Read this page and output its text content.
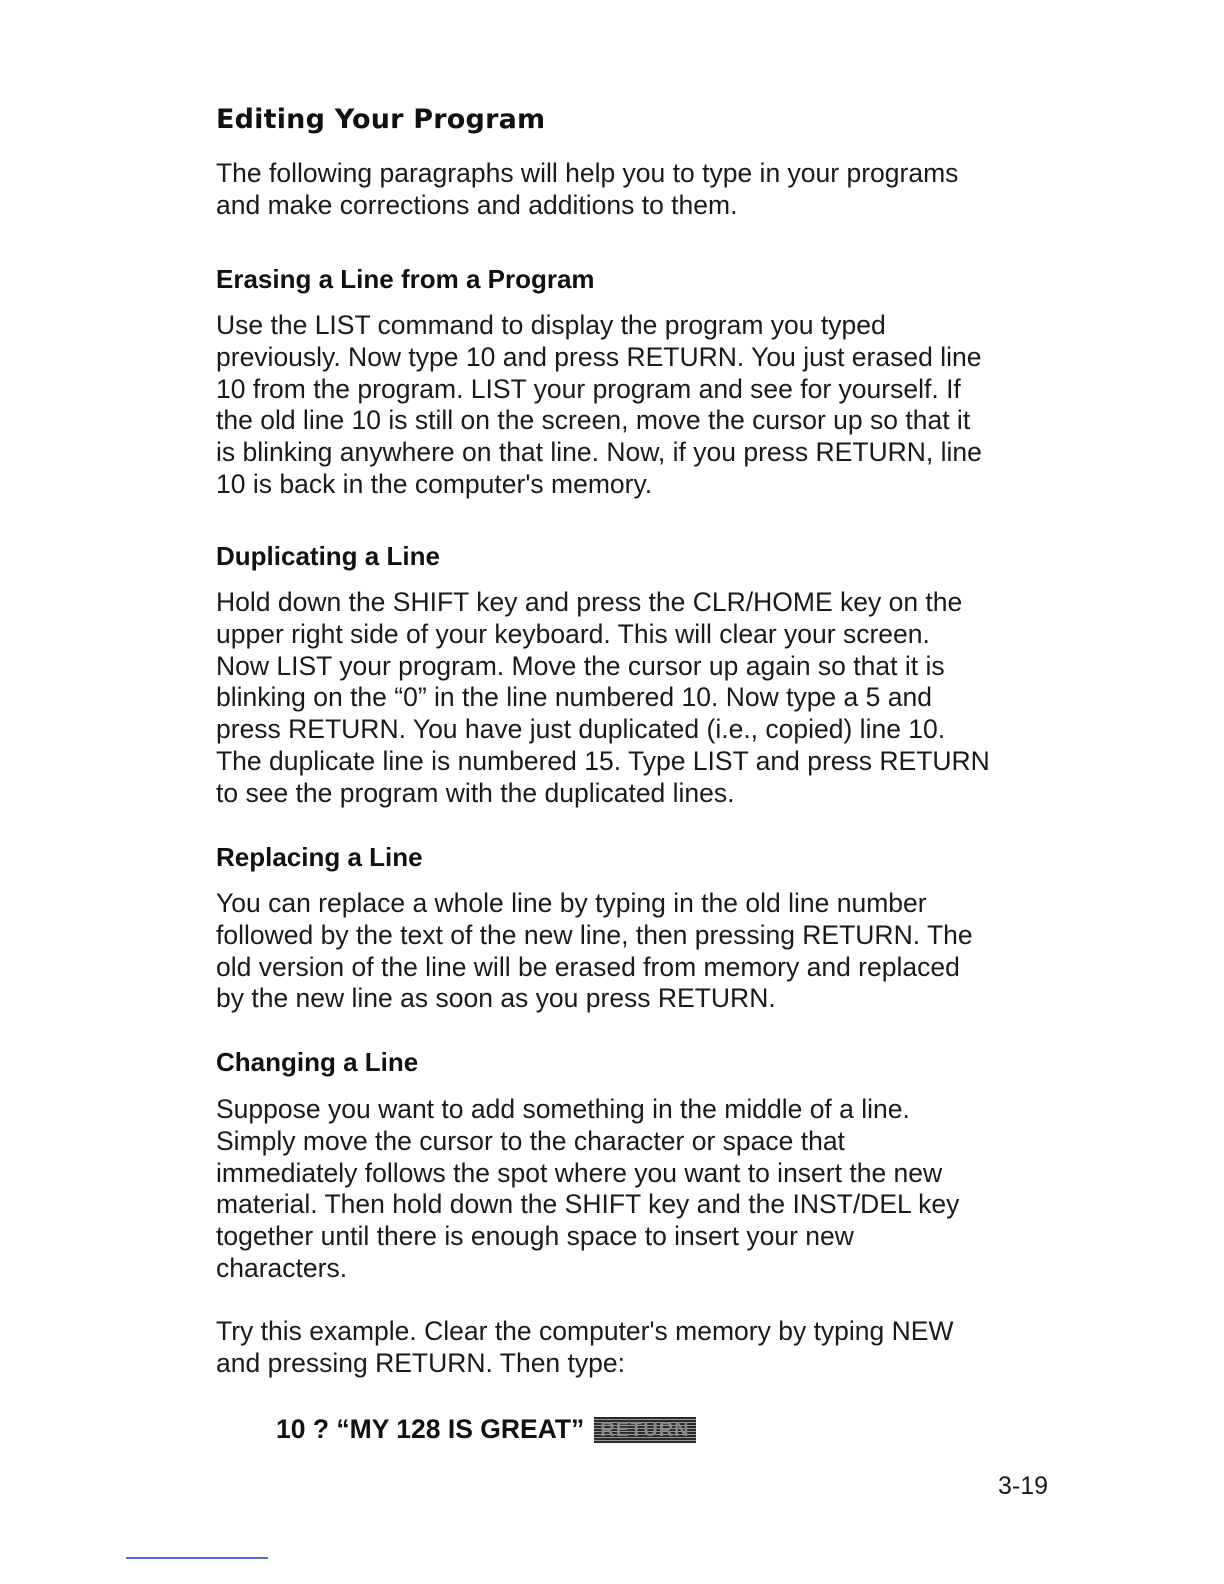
Editing Your Program

The following paragraphs will help you to type in your programs
and make corrections and additions to them.

Erasing a Line from a Program

Use the LIST command to display the program you typed
previously. Now type 10 and press RETURN. You just erased line
10 from the program. LIST your program and see for yourself. If
the old line 10 is still on the screen, move the cursor up so that it
is blinking anywhere on that line. Now, if you press RETURN, line
10 is back in the computer's memory.

Duplicating a Line

Hold down the SHIFT key and press the CLR/HOME key on the
upper right side of your keyboard. This will clear your screen.
Now LIST your program. Move the cursor up again so that it is
blinking on the “0” in the line numbered 10. Now type a 5 and
press RETURN. You have just duplicated (i.e., copied) line 10.
The duplicate line is numbered 15. Type LIST and press RETURN
to see the program with the duplicated lines.

Replacing a Line

You can replace a whole line by typing in the old line number
followed by the text of the new line, then pressing RETURN. The
old version of the line will be erased from memory and replaced
by the new line as soon as you press RETURN.

Changing a Line

Suppose you want to add something in the middle of a line.
Simply move the cursor to the character or space that
immediately follows the spot where you want to insert the new
material. Then hold down the SHIFT key and the INST/DEL key
together until there is enough space to insert your new
characters.

Try this example. Clear the computer's memory by typing NEW
and pressing RETURN. Then type:

10 ? “MY 128 IS GREAT” RETURN

3-19
